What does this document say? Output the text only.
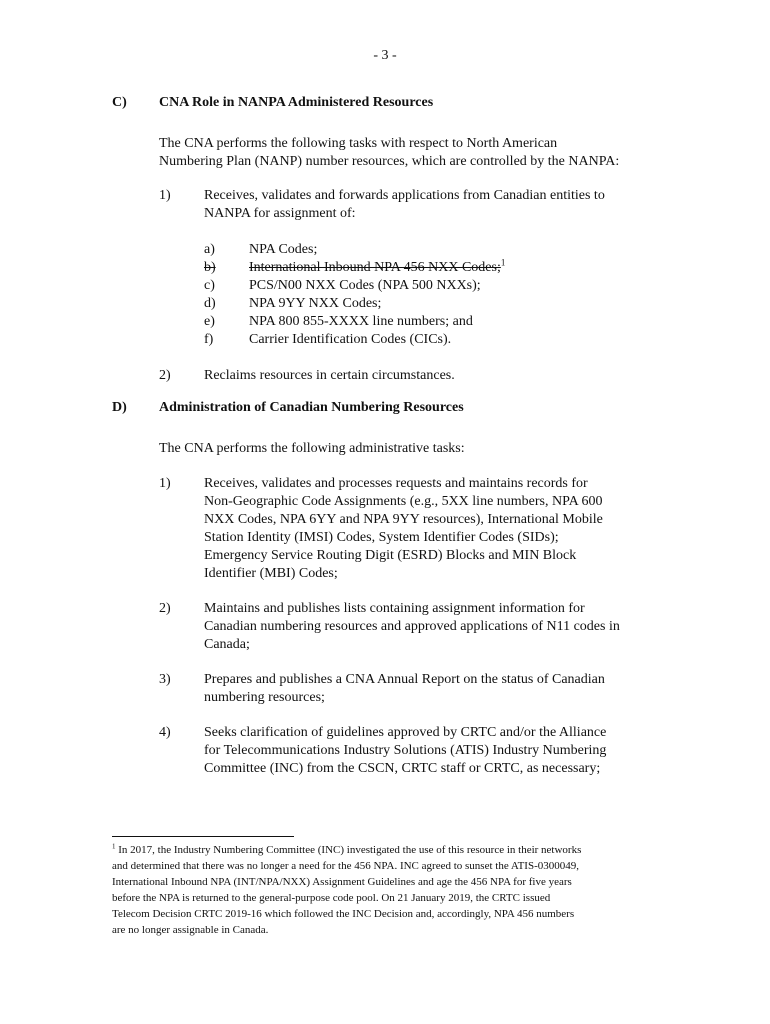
- 3 -
C) CNA Role in NANPA Administered Resources
The CNA performs the following tasks with respect to North American
Numbering Plan (NANP) number resources, which are controlled by the NANPA:
1) Receives, validates and forwards applications from Canadian entities to
NANPA for assignment of:
a) NPA Codes;
b) International Inbound NPA 456 NXX Codes;$^1$
c) PCS/N00 NXX Codes (NPA 500 NXXs);
d) NPA 9YY NXX Codes;
e) NPA 800 855-XXXX line numbers; and
f)	Carrier Identification Codes (CICs).
2) Reclaims resources in certain circumstances.
D) Administration of Canadian Numbering Resources
The CNA performs the following administrative tasks:
1) Receives, validates and processes requests and maintains records for
Non-Geographic Code Assignments (e.g., 5XX line numbers, NPA 600
NXX Codes, NPA 6YY and NPA 9YY resources), International Mobile
Station Identity (IMSI) Codes, System Identifier Codes (SIDs);
Emergency Service Routing Digit (ESRD) Blocks and MIN Block
Identifier (MBI) Codes;
2) Maintains and publishes lists containing assignment information for
Canadian numbering resources and approved applications of N11 codes in
Canada;
3) Prepares and publishes a CNA Annual Report on the status of Canadian
numbering resources;
4) Seeks clarification of guidelines approved by CRTC and/or the Alliance
for Telecommunications Industry Solutions (ATIS) Industry Numbering
Committee (INC) from the CSCN, CRTC staff or CRTC, as necessary;
$^1$ In 2017, the Industry Numbering Committee (INC) investigated the use of this resource in their networks
and determined that there was no longer a need for the 456 NPA. INC agreed to sunset the ATIS-0300049,
International Inbound NPA (INT/NPA/NXX) Assignment Guidelines and age the 456 NPA for five years
before the NPA is returned to the general-purpose code pool. On 21 January 2019, the CRTC issued
Telecom Decision CRTC 2019-16 which followed the INC Decision and, accordingly, NPA 456 numbers
are no longer assignable in Canada.
